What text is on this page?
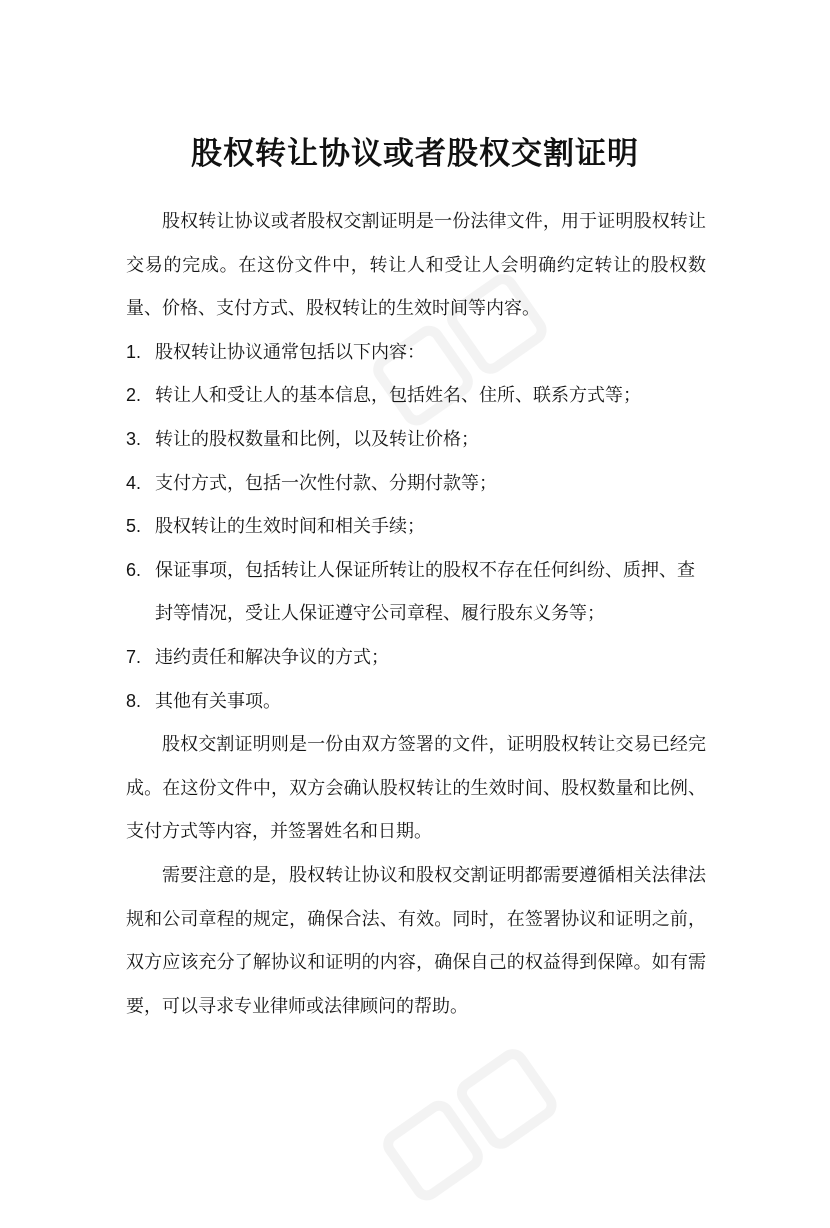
股权转让协议或者股权交割证明

股权转让协议或者股权交割证明是一份法律文件，用于证明股权转让交易的完成。在这份文件中，转让人和受让人会明确约定转让的股权数量、价格、支付方式、股权转让的生效时间等内容。

1. 股权转让协议通常包括以下内容：
2. 转让人和受让人的基本信息，包括姓名、住所、联系方式等；
3. 转让的股权数量和比例，以及转让价格；
4. 支付方式，包括一次性付款、分期付款等；
5. 股权转让的生效时间和相关手续；
6. 保证事项，包括转让人保证所转让的股权不存在任何纠纷、质押、查封等情况，受让人保证遵守公司章程、履行股东义务等；
7. 违约责任和解决争议的方式；
8. 其他有关事项。

股权交割证明则是一份由双方签署的文件，证明股权转让交易已经完成。在这份文件中，双方会确认股权转让的生效时间、股权数量和比例、支付方式等内容，并签署姓名和日期。

需要注意的是，股权转让协议和股权交割证明都需要遵循相关法律法规和公司章程的规定，确保合法、有效。同时，在签署协议和证明之前，双方应该充分了解协议和证明的内容，确保自己的权益得到保障。如有需要，可以寻求专业律师或法律顾问的帮助。
